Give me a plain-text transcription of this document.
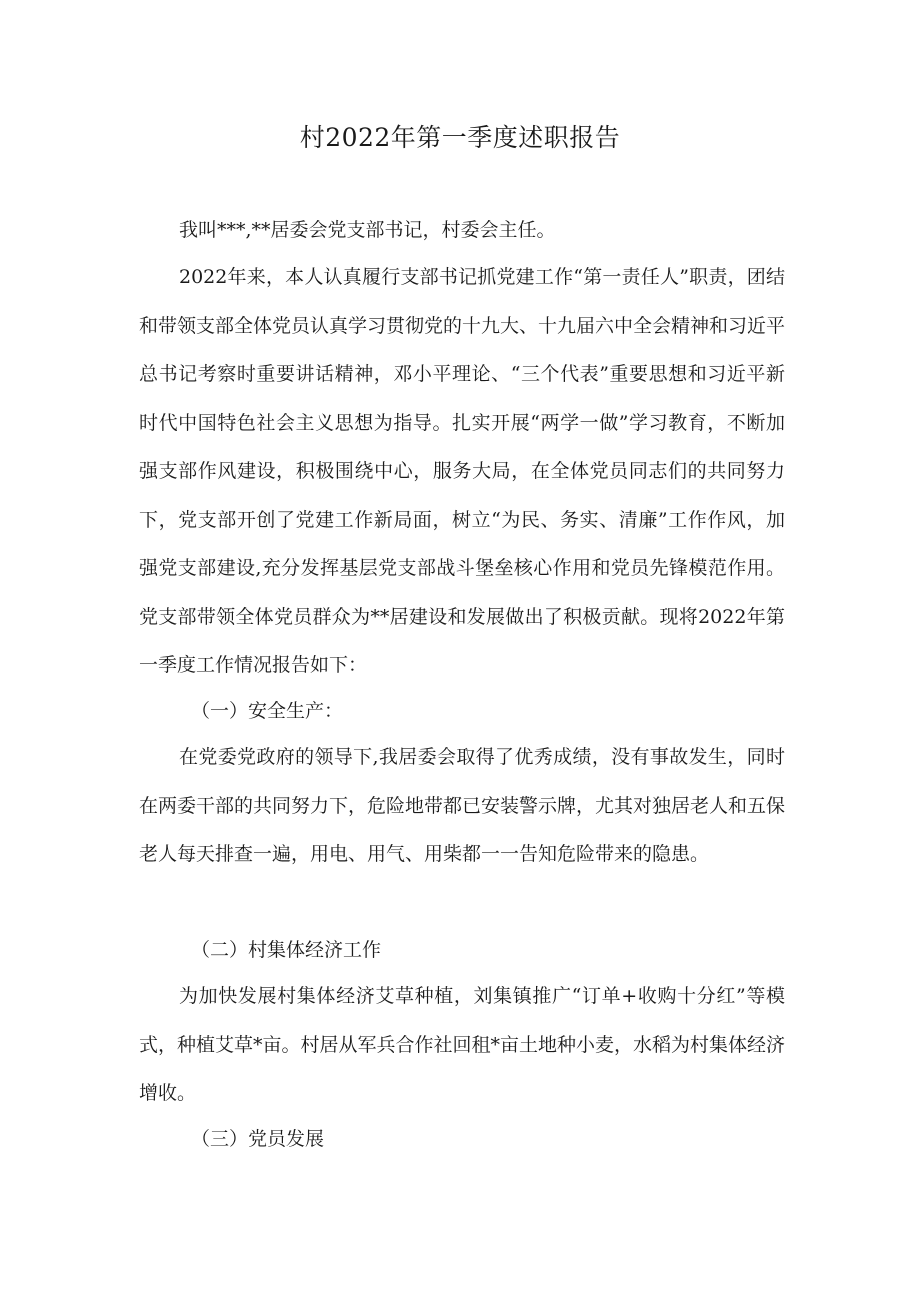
村2022年第一季度述职报告

我叫***,**居委会党支部书记，村委会主任。

2022年来，本人认真履行支部书记抓党建工作“第一责任人”职责，团结和带领支部全体党员认真学习贯彻党的十九大、十九届六中全会精神和习近平总书记考察时重要讲话精神，邓小平理论、“三个代表”重要思想和习近平新时代中国特色社会主义思想为指导。扎实开展“两学一做”学习教育，不断加强支部作风建设，积极围绕中心，服务大局，在全体党员同志们的共同努力下，党支部开创了党建工作新局面，树立“为民、务实、清廉”工作作风，加强党支部建设,充分发挥基层党支部战斗堡垒核心作用和党员先锋模范作用。党支部带领全体党员群众为**居建设和发展做出了积极贡献。现将2022年第一季度工作情况报告如下：

（一）安全生产：

在党委党政府的领导下,我居委会取得了优秀成绩，没有事故发生，同时在两委干部的共同努力下，危险地带都已安装警示牌，尤其对独居老人和五保老人每天排查一遍，用电、用气、用柴都一一告知危险带来的隐患。

（二）村集体经济工作

为加快发展村集体经济艾草种植，刘集镇推广“订单+收购十分红”等模式，种植艾草*亩。村居从军兵合作社回租*亩土地种小麦，水稻为村集体经济增收。

（三）党员发展
